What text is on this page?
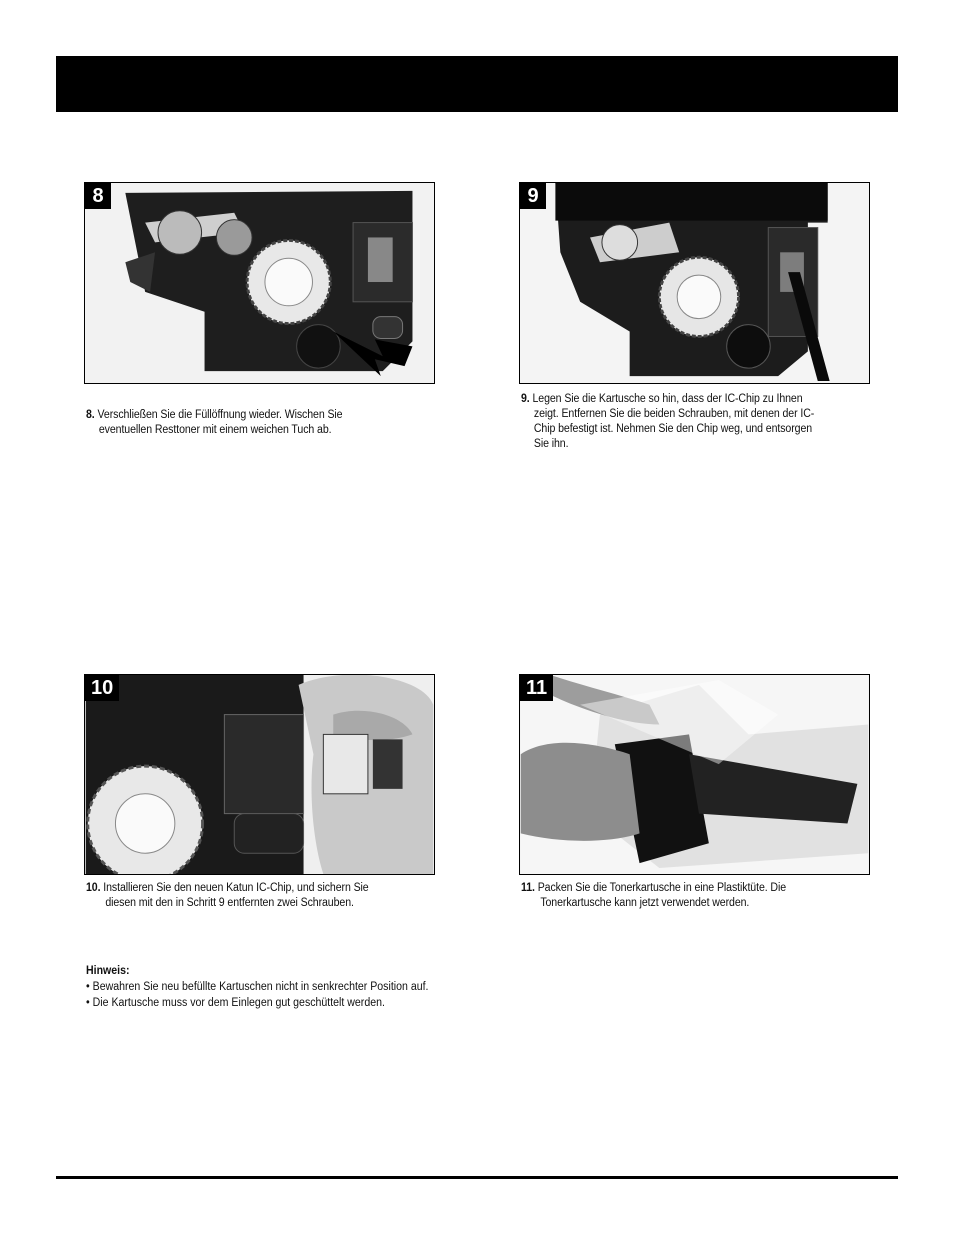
8
8. Verschließen Sie die Füllöffnung wieder. Wischen Sie
eventuellen Resttoner mit einem weichen Tuch ab.
9
9. Legen Sie die Kartusche so hin, dass der IC-Chip zu Ihnen
zeigt. Entfernen Sie die beiden Schrauben, mit denen der IC-
Chip befestigt ist. Nehmen Sie den Chip weg, und entsorgen
Sie ihn.
10
10. Installieren Sie den neuen Katun IC-Chip, und sichern Sie
diesen mit den in Schritt 9 entfernten zwei Schrauben.
11
11. Packen Sie die Tonerkartusche in eine Plastiktüte. Die
Tonerkartusche kann jetzt verwendet werden.
Hinweis:
• Bewahren Sie neu befüllte Kartuschen nicht in senkrechter Position auf.
• Die Kartusche muss vor dem Einlegen gut geschüttelt werden.
